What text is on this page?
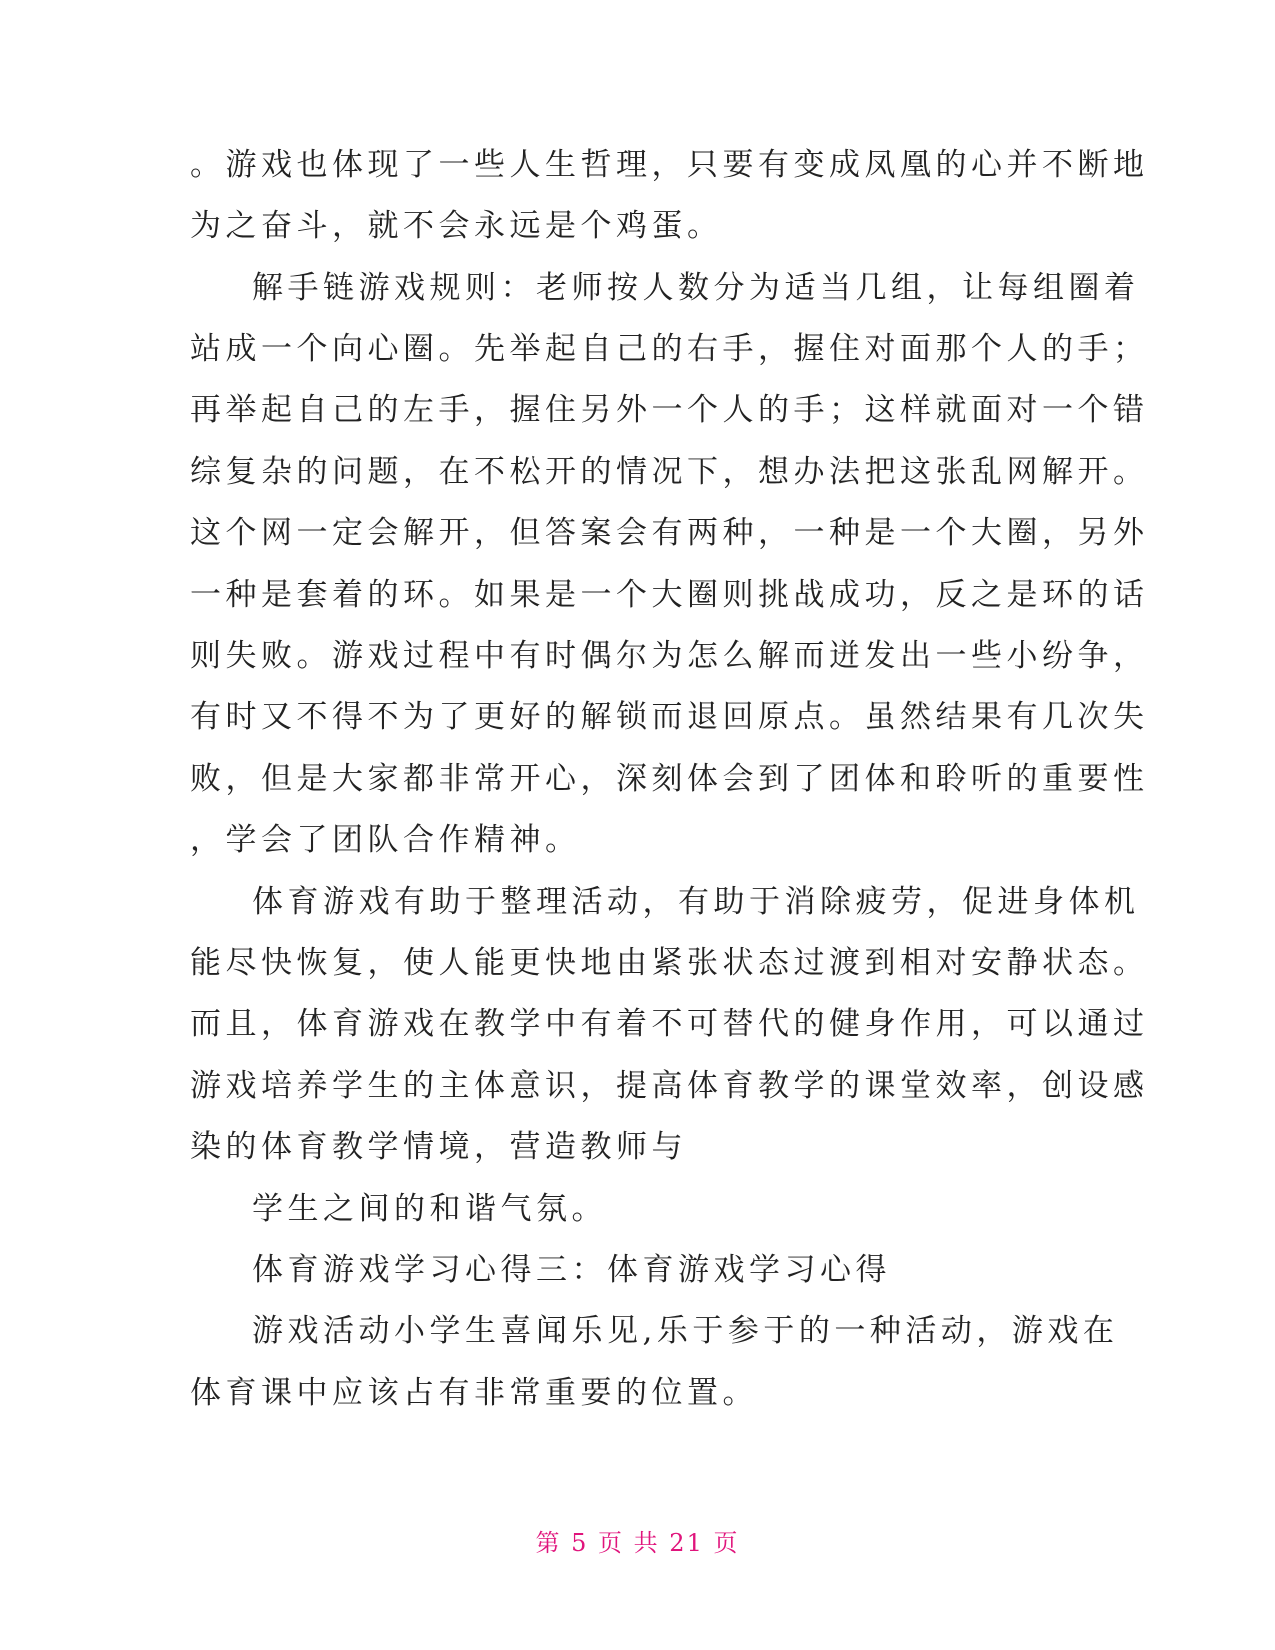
。游戏也体现了一些人生哲理，只要有变成凤凰的心并不断地
为之奋斗，就不会永远是个鸡蛋。
解手链游戏规则：老师按人数分为适当几组，让每组圈着
站成一个向心圈。先举起自己的右手，握住对面那个人的手；
再举起自己的左手，握住另外一个人的手；这样就面对一个错
综复杂的问题，在不松开的情况下，想办法把这张乱网解开。
这个网一定会解开，但答案会有两种，一种是一个大圈，另外
一种是套着的环。如果是一个大圈则挑战成功，反之是环的话
则失败。游戏过程中有时偶尔为怎么解而迸发出一些小纷争，
有时又不得不为了更好的解锁而退回原点。虽然结果有几次失
败，但是大家都非常开心，深刻体会到了团体和聆听的重要性
，学会了团队合作精神。
体育游戏有助于整理活动，有助于消除疲劳，促进身体机
能尽快恢复，使人能更快地由紧张状态过渡到相对安静状态。
而且，体育游戏在教学中有着不可替代的健身作用，可以通过
游戏培养学生的主体意识，提高体育教学的课堂效率，创设感
染的体育教学情境，营造教师与
学生之间的和谐气氛。
体育游戏学习心得三：体育游戏学习心得
游戏活动小学生喜闻乐见,乐于参于的一种活动，游戏在
体育课中应该占有非常重要的位置。
第 5 页 共 21 页
